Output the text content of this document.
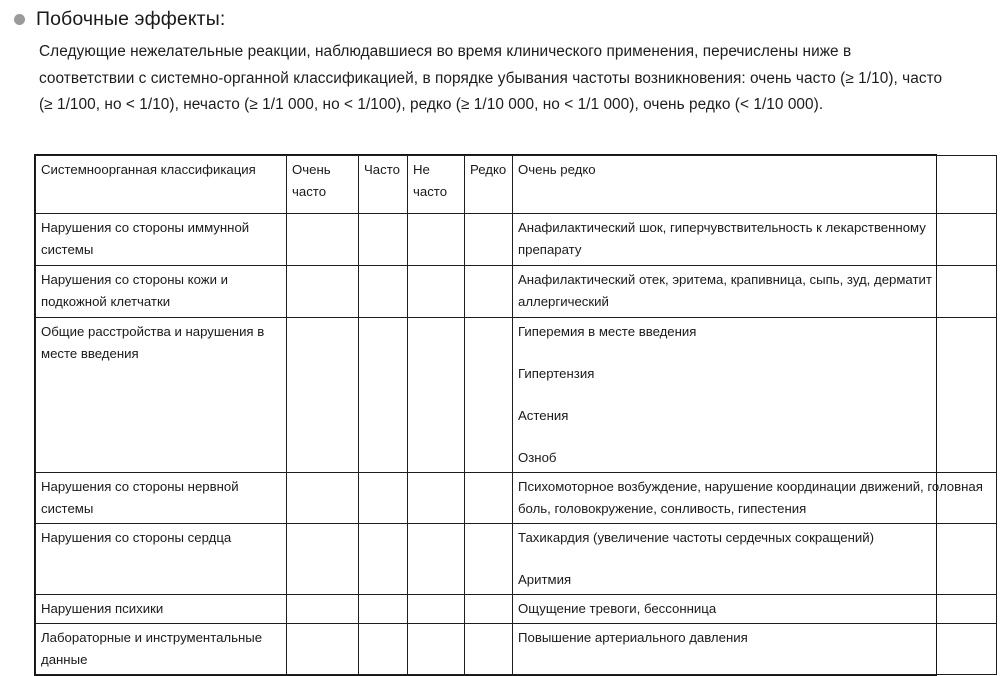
Побочные эффекты:

Следующие нежелательные реакции, наблюдавшиеся во время клинического применения, перечислены ниже в соответствии с системно-органной классификацией, в порядке убывания частоты возникновения: очень часто (≥ 1/10), часто (≥ 1/100, но < 1/10), нечасто (≥ 1/1 000, но < 1/100), редко (≥ 1/10 000, но < 1/1 000), очень редко (< 1/10 000).

Системноорганная классификация	Очень часто	Часто	Не часто	Редко	Очень редко
Нарушения со стороны иммунной системы					Анафилактический шок, гиперчувствительность к лекарственному препарату

Нарушения со стороны кожи и подкожной клетчатки					Анафилактический отек, эритема, крапивница, сыпь, зуд, дерматит аллергический

Общие расстройства и нарушения в месте введения					Гиперемия в месте введения
Гипертензия
Астения
Озноб

Нарушения со стороны нервной системы					Психомоторное возбуждение, нарушение координации движений, головная боль, головокружение, сонливость, гипестения

Нарушения со стороны сердца					Тахикардия (увеличение частоты сердечных сокращений)
Аритмия

Нарушения психики					Ощущение тревоги, бессонница

Лабораторные и инструментальные данные					Повышение артериального давления
